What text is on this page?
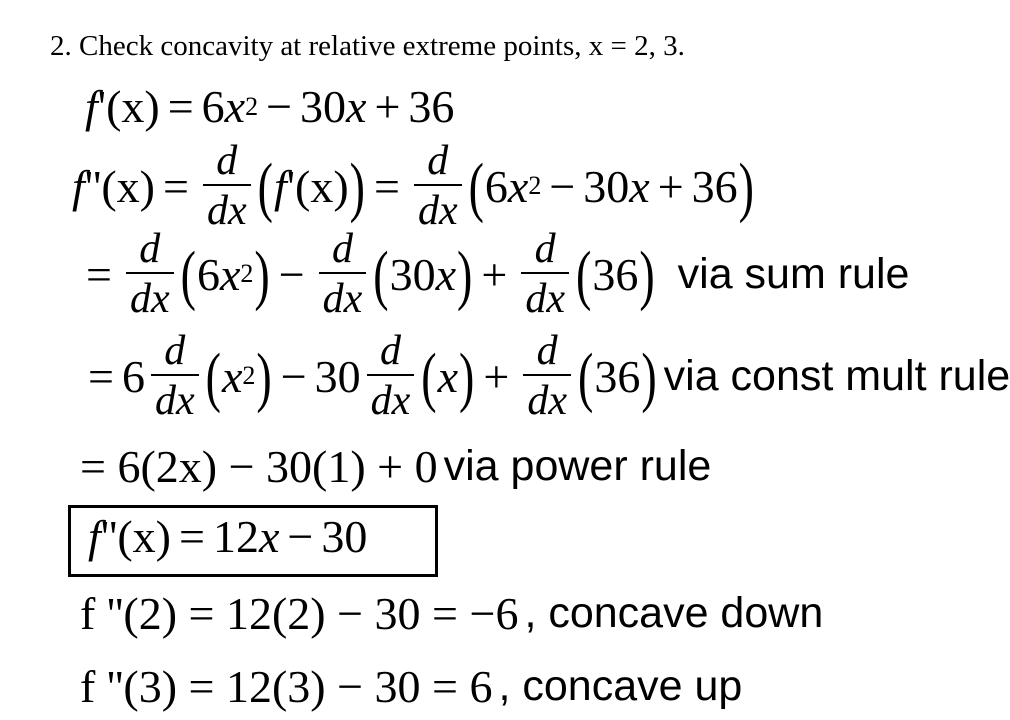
2. Check concavity at relative extreme points, x = 2, 3.
f ' (x) = 6 x 2 − 30 x + 36
f '' $(x) = \frac{d}{dx}$ ( f ' (x) ) = $\frac{d}{dx}$ ( 6 x 2 − 30 x + 36 )
= $\frac{d}{dx}$ ( 6 x 2 ) − $\frac{d}{dx}$ ( 30 x ) + $\frac{d}{dx}$ ( 36 ) via sum rule
= $6 \frac{d}{dx}$ ( x 2 ) − $30 \frac{d}{dx}$ ( x ) + $\frac{d}{dx}$ ( 36 ) via const mult rule
= 6(2x) − 30(1) + 0 via power rule
f '' (x) = 12 x − 30
f ''(2) = 12(2) − 30 = −6 , concave down
f ''(3) = 12(3) − 30 = 6 , concave up
